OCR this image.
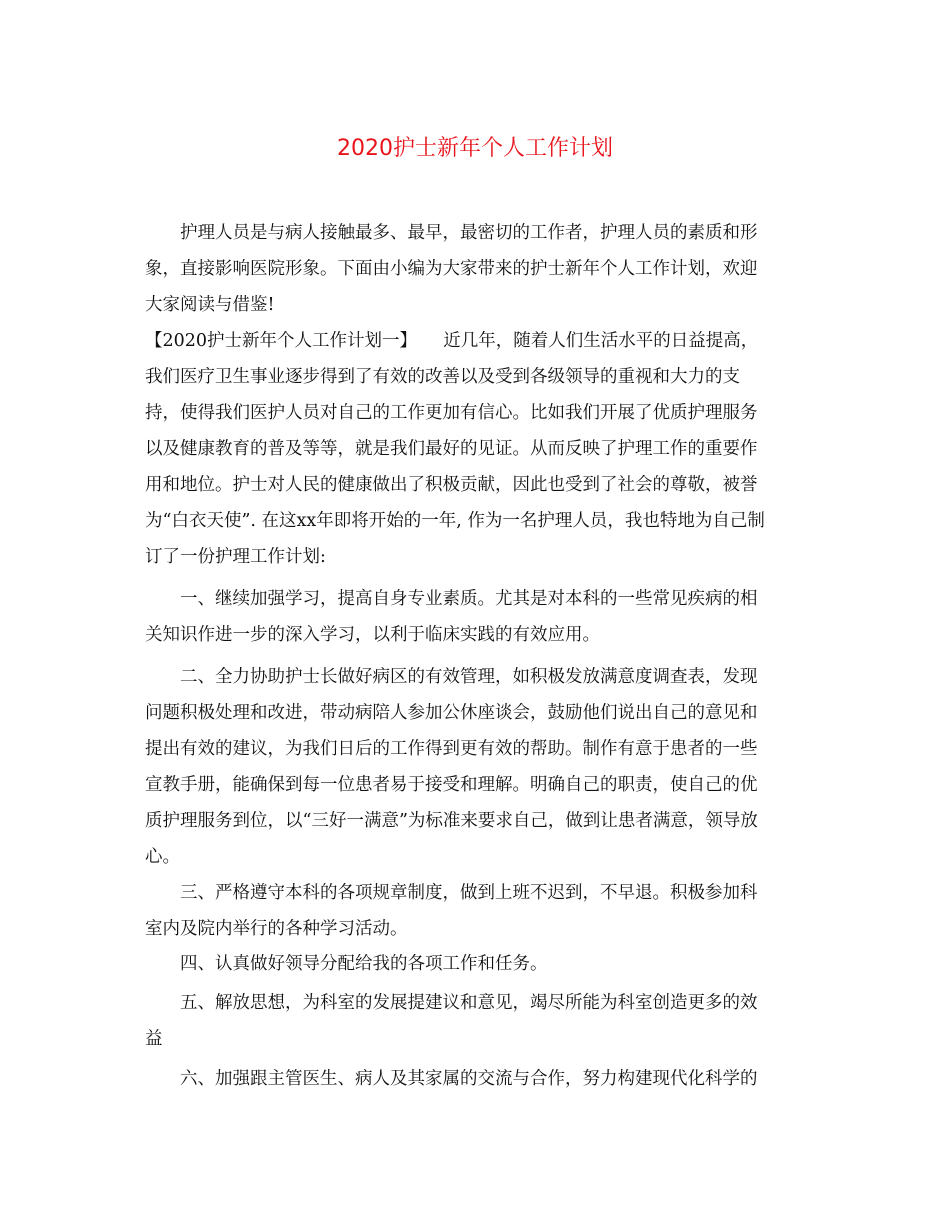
2020护士新年个人工作计划
护理人员是与病人接触最多、最早，最密切的工作者，护理人员的素质和形
象，直接影响医院形象。下面由小编为大家带来的护士新年个人工作计划，欢迎
大家阅读与借鉴!
【2020护士新年个人工作计划一】　　近几年，随着人们生活水平的日益提高，
我们医疗卫生事业逐步得到了有效的改善以及受到各级领导的重视和大力的支
持，使得我们医护人员对自己的工作更加有信心。比如我们开展了优质护理服务
以及健康教育的普及等等，就是我们最好的见证。从而反映了护理工作的重要作
用和地位。护士对人民的健康做出了积极贡献，因此也受到了社会的尊敬，被誉
为“白衣天使”. 在这xx年即将开始的一年, 作为一名护理人员，我也特地为自己制
订了一份护理工作计划:
一、继续加强学习，提高自身专业素质。尤其是对本科的一些常见疾病的相
关知识作进一步的深入学习，以利于临床实践的有效应用。
二、全力协助护士长做好病区的有效管理，如积极发放满意度调查表，发现
问题积极处理和改进，带动病陪人参加公休座谈会，鼓励他们说出自己的意见和
提出有效的建议，为我们日后的工作得到更有效的帮助。制作有意于患者的一些
宣教手册，能确保到每一位患者易于接受和理解。明确自己的职责，使自己的优
质护理服务到位，以“三好一满意”为标准来要求自己，做到让患者满意，领导放
心。
三、严格遵守本科的各项规章制度，做到上班不迟到，不早退。积极参加科
室内及院内举行的各种学习活动。
四、认真做好领导分配给我的各项工作和任务。
五、解放思想，为科室的发展提建议和意见，竭尽所能为科室创造更多的效
益
六、加强跟主管医生、病人及其家属的交流与合作，努力构建现代化科学的
